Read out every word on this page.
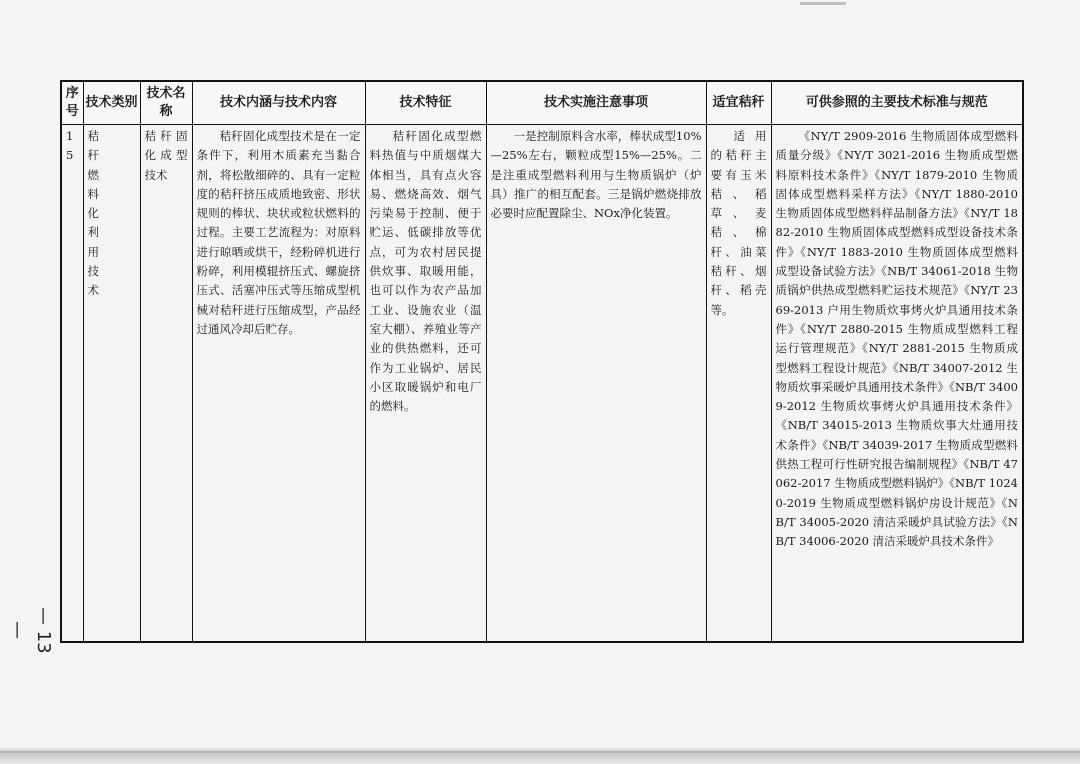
序号	技术类别	技术名称	技术内涵与技术内容	技术特征	技术实施注意事项	适宜秸秆	可供参照的主要技术标准与规范
15	秸秆燃料化利用技术	秸秆固化成型技术	秸秆固化成型技术是在一定条件下，利用木质素充当黏合剂，将松散细碎的、具有一定粒度的秸秆挤压成质地致密、形状规则的棒状、块状或粒状燃料的过程。主要工艺流程为：对原料进行晾晒或烘干，经粉碎机进行粉碎，利用模辊挤压式、螺旋挤压式、活塞冲压式等压缩成型机械对秸秆进行压缩成型，产品经过通风冷却后贮存。	秸秆固化成型燃料热值与中质烟煤大体相当，具有点火容易、燃烧高效、烟气污染易于控制、便于贮运、低碳排放等优点，可为农村居民提供炊事、取暖用能，也可以作为农产品加工业、设施农业（温室大棚）、养殖业等产业的供热燃料，还可作为工业锅炉、居民小区取暖锅炉和电厂的燃料。	一是控制原料含水率，棒状成型10%—25%左右，颗粒成型15%—25%。二是注重成型燃料利用与生物质锅炉（炉具）推广的相互配套。三是锅炉燃烧排放必要时应配置除尘、NOx净化装置。	适用的秸秆主要有玉米秸、稻草、麦秸、棉秆、油菜秸秆、烟秆、稻壳等。	《NY/T 2909-2016 生物质固体成型燃料质量分级》《NY/T 3021-2016 生物质成型燃料原料技术条件》《NY/T 1879-2010 生物质固体成型燃料采样方法》《NY/T 1880-2010 生物质固体成型燃料样品制备方法》《NY/T 1882-2010 生物质固体成型燃料成型设备技术条件》《NY/T 1883-2010 生物质固体成型燃料成型设备试验方法》《NB/T 34061-2018 生物质锅炉供热成型燃料贮运技术规范》《NY/T 2369-2013 户用生物质炊事烤火炉具通用技术条件》《NY/T 2880-2015 生物质成型燃料工程运行管理规范》《NY/T 2881-2015 生物质成型燃料工程设计规范》《NB/T 34007-2012 生物质炊事采暖炉具通用技术条件》《NB/T 34009-2012 生物质炊事烤火炉具通用技术条件》《NB/T 34015-2013 生物质炊事大灶通用技术条件》《NB/T 34039-2017 生物质成型燃料供热工程可行性研究报告编制规程》《NB/T 47062-2017 生物质成型燃料锅炉》《NB/T 10240-2019 生物质成型燃料锅炉房设计规范》《NB/T 34005-2020 清洁采暖炉具试验方法》《NB/T 34006-2020 清洁采暖炉具技术条件》
— 13 —
